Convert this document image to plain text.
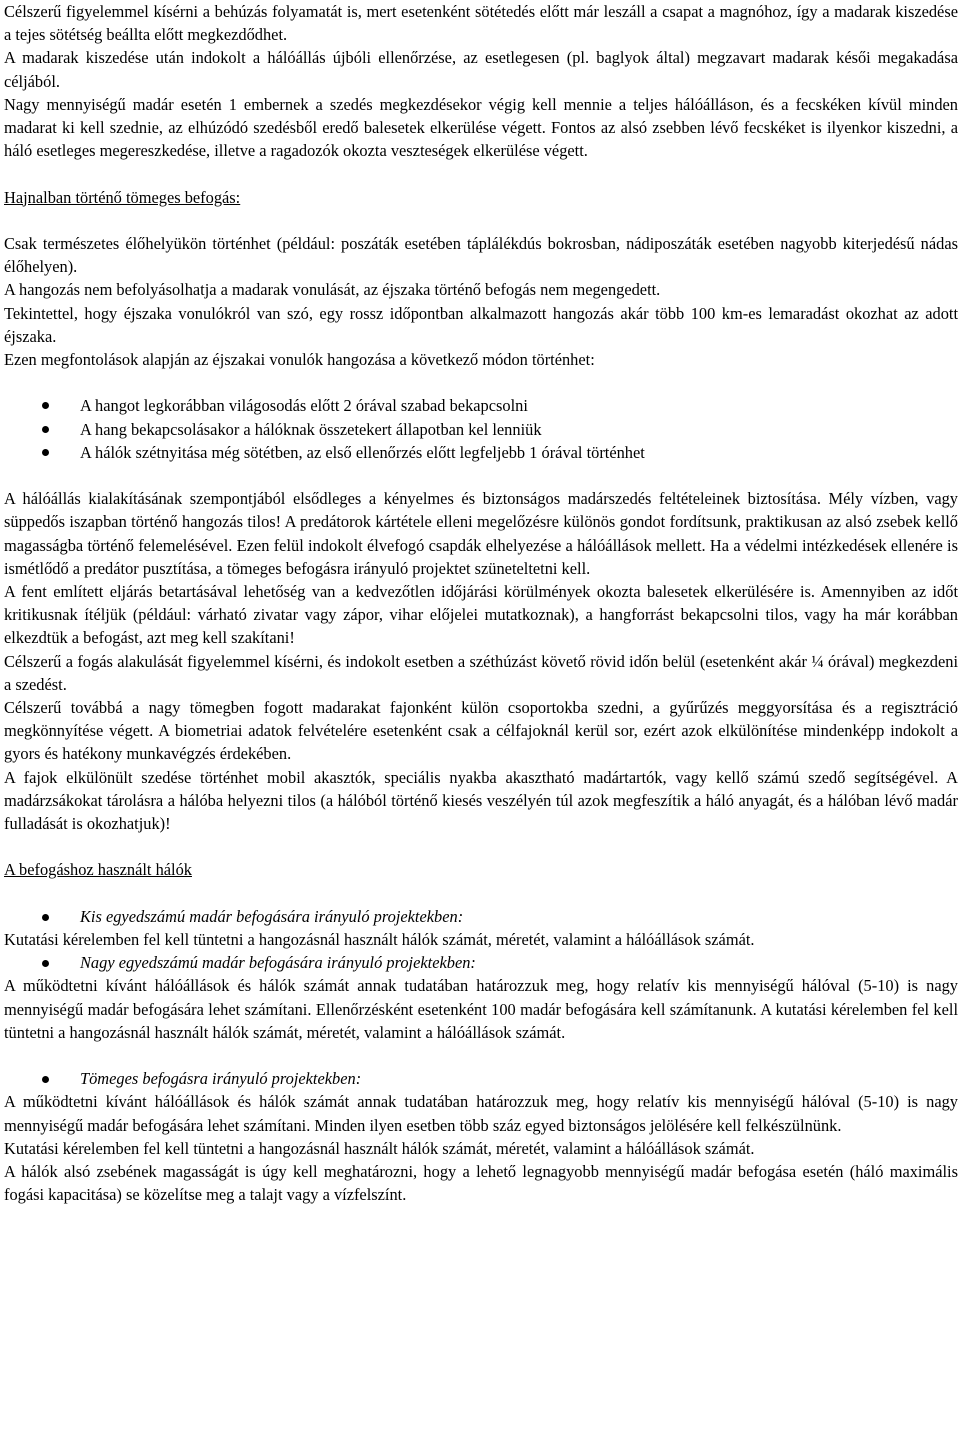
Célszerű figyelemmel kísérni a behúzás folyamatát is, mert esetenként sötétedés előtt már leszáll a csapat a magnóhoz, így a madarak kiszedése a tejes sötétség beállta előtt megkezdődhet.

A madarak kiszedése után indokolt a hálóállás újbóli ellenőrzése, az esetlegesen (pl. baglyok által) megzavart madarak késői megakadása céljából.

Nagy mennyiségű madár esetén 1 embernek a szedés megkezdésekor végig kell mennie a teljes hálóálláson, és a fecskéken kívül minden madarat ki kell szednie, az elhúzódó szedésből eredő balesetek elkerülése végett. Fontos az alsó zsebben lévő fecskéket is ilyenkor kiszedni, a háló esetleges megereszkedése, illetve a ragadozók okozta veszteségek elkerülése végett.

Hajnalban történő tömeges befogás:

Csak természetes élőhelyükön történhet (például: poszáták esetében táplálékdús bokrosban, nádiposzáták esetében nagyobb kiterjedésű nádas élőhelyen).

A hangozás nem befolyásolhatja a madarak vonulását, az éjszaka történő befogás nem megengedett.

Tekintettel, hogy éjszaka vonulókról van szó, egy rossz időpontban alkalmazott hangozás akár több 100 km-es lemaradást okozhat az adott éjszaka.

Ezen megfontolások alapján az éjszakai vonulók hangozása a következő módon történhet:

A hangot legkorábban világosodás előtt 2 órával szabad bekapcsolni
A hang bekapcsolásakor a hálóknak összetekert állapotban kel lenniük
A hálók szétnyitása még sötétben, az első ellenőrzés előtt legfeljebb 1 órával történhet

A hálóállás kialakításának szempontjából elsődleges a kényelmes és biztonságos madárszedés feltételeinek biztosítása. Mély vízben, vagy süppedős iszapban történő hangozás tilos! A predátorok kártétele elleni megelőzésre különös gondot fordítsunk, praktikusan az alsó zsebek kellő magasságba történő felemelésével. Ezen felül indokolt élvefogó csapdák elhelyezése a hálóállások mellett. Ha a védelmi intézkedések ellenére is ismétlődő a predátor pusztítása, a tömeges befogásra irányuló projektet szüneteltetni kell.

A fent említett eljárás betartásával lehetőség van a kedvezőtlen időjárási körülmények okozta balesetek elkerülésére is. Amennyiben az időt kritikusnak ítéljük (például: várható zivatar vagy zápor, vihar előjelei mutatkoznak), a hangforrást bekapcsolni tilos, vagy ha már korábban elkezdtük a befogást, azt meg kell szakítani!

Célszerű a fogás alakulását figyelemmel kísérni, és indokolt esetben a széthúzást követő rövid időn belül (esetenként akár ¼ órával) megkezdeni a szedést.

Célszerű továbbá a nagy tömegben fogott madarakat fajonként külön csoportokba szedni, a gyűrűzés meggyorsítása és a regisztráció megkönnyítése végett. A biometriai adatok felvételére esetenként csak a célfajoknál kerül sor, ezért azok elkülönítése mindenképp indokolt a gyors és hatékony munkavégzés érdekében.

A fajok elkülönült szedése történhet mobil akasztók, speciális nyakba akasztható madártartók, vagy kellő számú szedő segítségével. A madárzsákokat tárolásra a hálóba helyezni tilos (a hálóból történő kiesés veszélyén túl azok megfeszítik a háló anyagát, és a hálóban lévő madár fulladását is okozhatjuk)!

A befogáshoz használt hálók

Kis egyedszámú madár befogására irányuló projektekben:

Kutatási kérelemben fel kell tüntetni a hangozásnál használt hálók számát, méretét, valamint a hálóállások számát.

Nagy egyedszámú madár befogására irányuló projektekben:

A működtetni kívánt hálóállások és hálók számát annak tudatában határozzuk meg, hogy relatív kis mennyiségű hálóval (5-10) is nagy mennyiségű madár befogására lehet számítani. Ellenőrzésként esetenként 100 madár befogására kell számítanunk. A kutatási kérelemben fel kell tüntetni a hangozásnál használt hálók számát, méretét, valamint a hálóállások számát.

Tömeges befogásra irányuló projektekben:

A működtetni kívánt hálóállások és hálók számát annak tudatában határozzuk meg, hogy relatív kis mennyiségű hálóval (5-10) is nagy mennyiségű madár befogására lehet számítani. Minden ilyen esetben több száz egyed biztonságos jelölésére kell felkészülnünk.

Kutatási kérelemben fel kell tüntetni a hangozásnál használt hálók számát, méretét, valamint a hálóállások számát.

A hálók alsó zsebének magasságát is úgy kell meghatározni, hogy a lehető legnagyobb mennyiségű madár befogása esetén (háló maximális fogási kapacitása) se közelítse meg a talajt vagy a vízfelszínt.
